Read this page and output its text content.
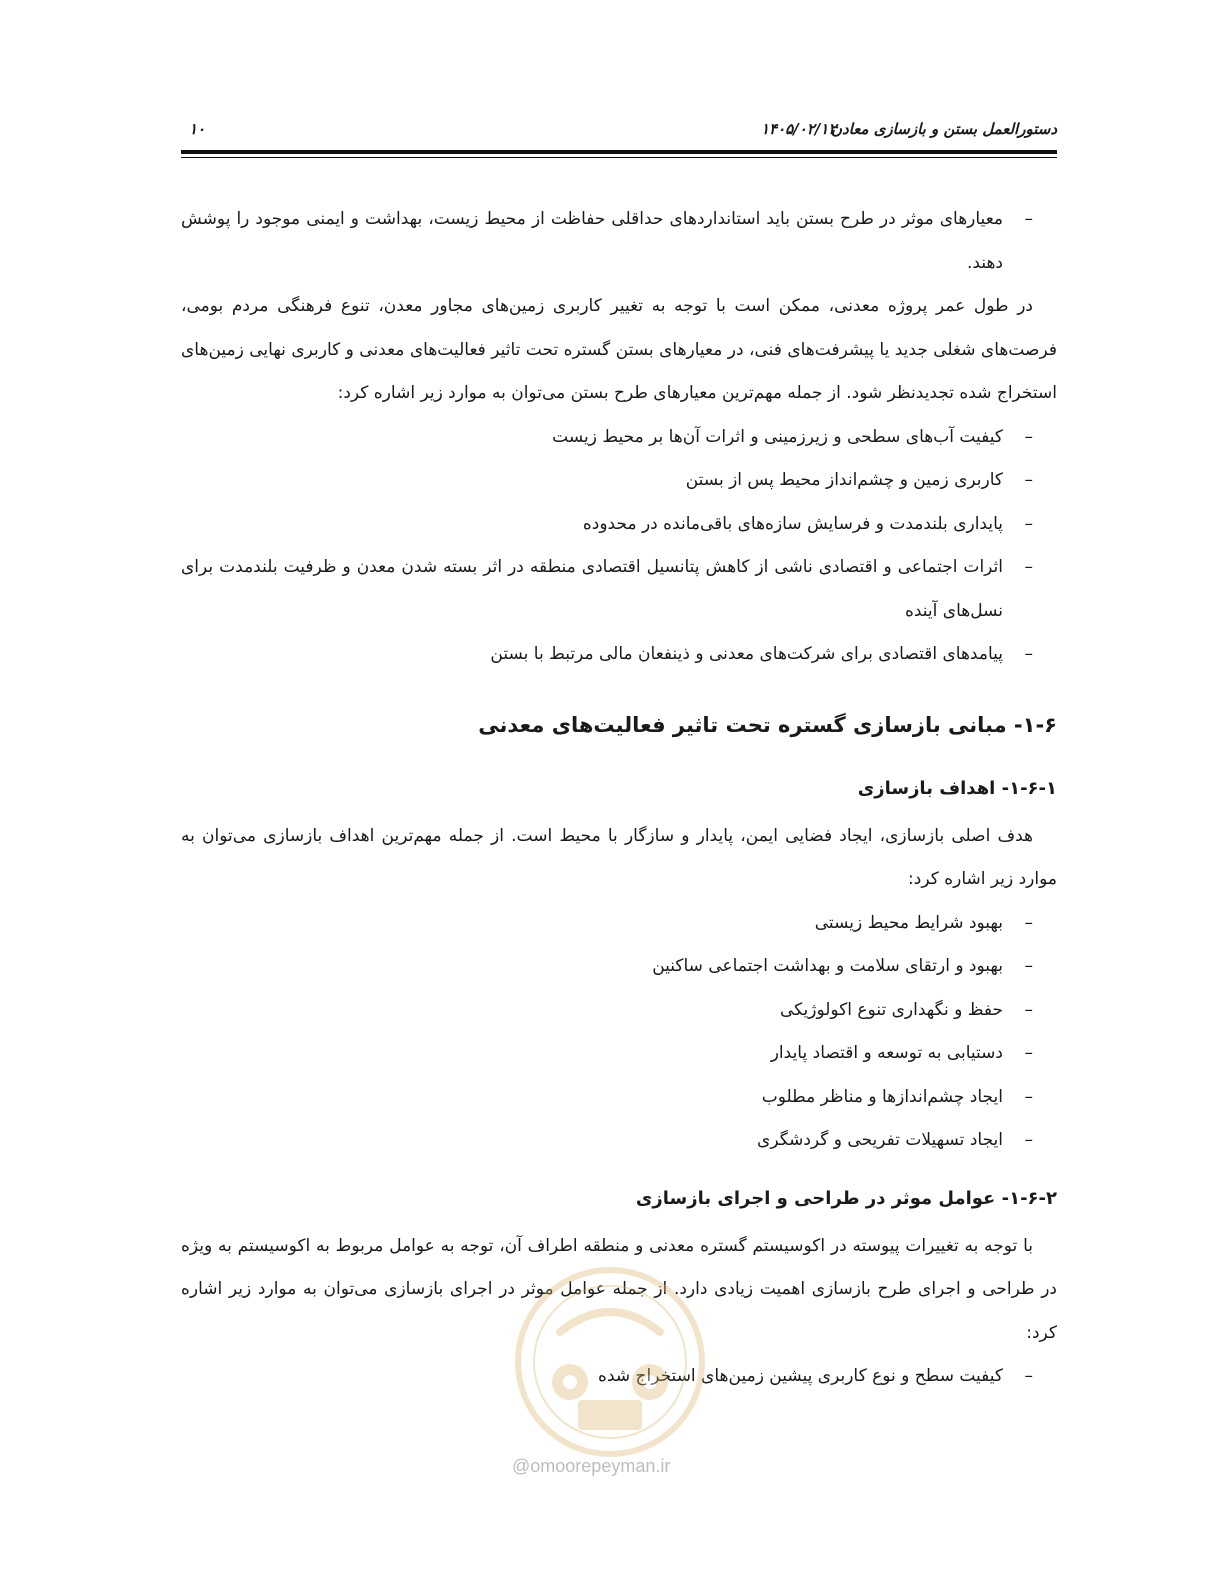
۱۰	۱۴۰۵/۰۲/۱۲
دستورالعمل بستن و بازسازی معادن
–
معیارهای موثر در طرح بستن باید استانداردهای حداقلی حفاظت از محیط زیست، بهداشت و ایمنی موجود را پوشش دهند.

در طول عمر پروژه معدنی، ممکن است با توجه به تغییر کاربری زمین‌های مجاور معدن، تنوع فرهنگی مردم بومی، فرصت‌های شغلی جدید یا پیشرفت‌های فنی، در معیارهای بستن گستره تحت تاثیر فعالیت‌های معدنی و کاربری نهایی زمین‌های استخراج شده تجدیدنظر شود. از جمله مهم‌ترین معیارهای طرح بستن می‌توان به موارد زیر اشاره کرد:

–
کیفیت آب‌های سطحی و زیرزمینی و اثرات آن‌ها بر محیط زیست
–
کاربری زمین و چشم‌انداز محیط پس از بستن
–
پایداری بلندمدت و فرسایش سازه‌های باقی‌مانده در محدوده
–
اثرات اجتماعی و اقتصادی ناشی از کاهش پتانسیل اقتصادی منطقه در اثر بسته شدن معدن و ظرفیت بلندمدت برای نسل‌های آینده
–
پیامدهای اقتصادی برای شرکت‌های معدنی و ذینفعان مالی مرتبط با بستن
۱-۶- مبانی بازسازی گستره تحت تاثیر فعالیت‌های معدنی
۱-۶-۱- اهداف بازسازی

هدف اصلی بازسازی، ایجاد فضایی ایمن، پایدار و سازگار با محیط است. از جمله مهم‌ترین اهداف بازسازی می‌توان به موارد زیر اشاره کرد:

–
بهبود شرایط محیط زیستی
–
بهبود و ارتقای سلامت و بهداشت اجتماعی ساکنین
–
حفظ و نگهداری تنوع اکولوژیکی
–
دستیابی به توسعه و اقتصاد پایدار
–
ایجاد چشم‌اندازها و مناظر مطلوب
–
ایجاد تسهیلات تفریحی و گردشگری
۱-۶-۲- عوامل موثر در طراحی و اجرای بازسازی

با توجه به تغییرات پیوسته در اکوسیستم گستره معدنی و منطقه اطراف آن، توجه به عوامل مربوط به اکوسیستم به ویژه در طراحی و اجرای طرح بازسازی اهمیت زیادی دارد. از جمله عوامل موثر در اجرای بازسازی می‌توان به موارد زیر اشاره کرد:

–
کیفیت سطح و نوع کاربری پیشین زمین‌های استخراج شده
@omoorepeyman.ir
